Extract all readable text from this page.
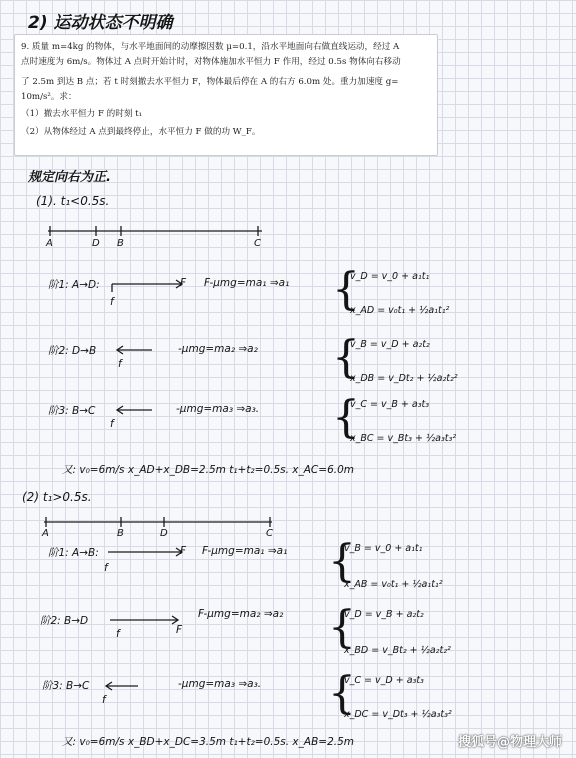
2) 运动状态不明确

9. 质量 m=4kg 的物体，与水平地面间的动摩擦因数 μ=0.1，沿水平地面向右做直线运动，经过 A

点时速度为 6m/s。物体过 A 点时开始计时，对物体施加水平恒力 F 作用，经过 0.5s 物体向右移动

了 2.5m 到达 B 点；若 t 时刻撤去水平恒力 F，物体最后停在 A 的右方 6.0m 处。重力加速度 g=

10m/s²。求：

（1）撤去水平恒力 F 的时刻 t₁

（2）从物体经过 A 点到最终停止，水平恒力 F 做的功 W_F。

规定向右为正.
(1). t₁<0.5s.
A	D B	C
阶1: A→D:	F
f
F-μmg=ma₁ ⇒a₁ {
v_D = v_0 + a₁t₁
x_AD = v₀t₁ + ½a₁t₁²
阶2: D→B
f
-μmg=ma₂ ⇒a₂ {
v_B = v_D + a₂t₂
x_DB = v_Dt₂ + ½a₂t₂²
阶3: B→C
f
-μmg=ma₃ ⇒a₃. {
v_C = v_B + a₃t₃
x_BC = v_Bt₃ + ½a₃t₃²
又: v₀=6m/s x_AD+x_DB=2.5m t₁+t₂=0.5s. x_AC=6.0m
(2) t₁>0.5s.
A	B	D	C
阶1: A→B:	F
f
F-μmg=ma₁ ⇒a₁ {
v_B = v_0 + a₁t₁
x_AB = v₀t₁ + ½a₁t₁²
阶2: B→D
F
f
F-μmg=ma₂ ⇒a₂ {
v_D = v_B + a₂t₂
x_BD = v_Bt₂ + ½a₂t₂²
阶3: B→C
f
-μmg=ma₃ ⇒a₃. {
v_C = v_D + a₃t₃
x_DC = v_Dt₃ + ½a₃t₃²
又: v₀=6m/s x_BD+x_DC=3.5m t₁+t₂=0.5s. x_AB=2.5m	搜狐号@物理大师
